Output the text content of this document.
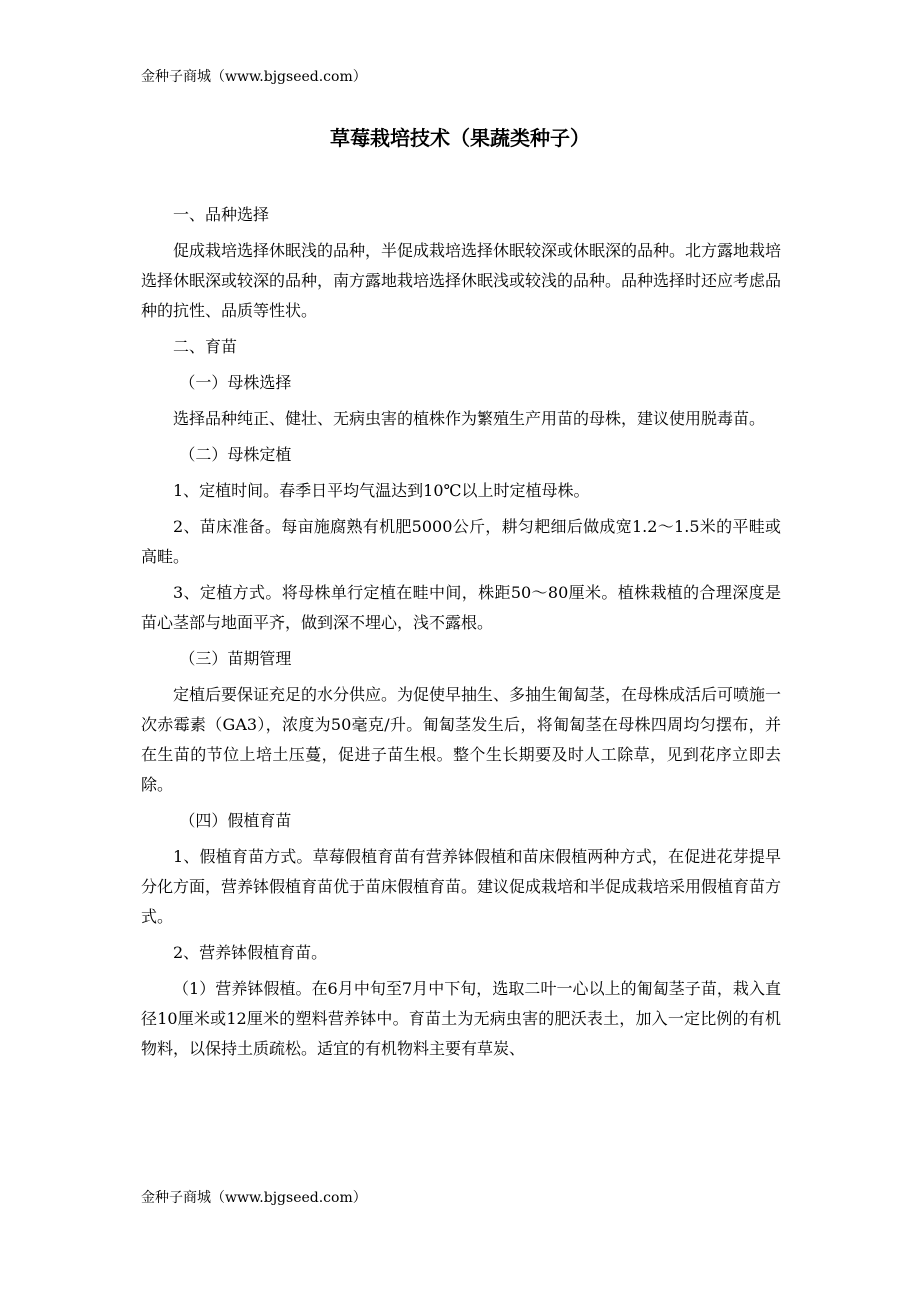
金种子商城（www.bjgseed.com）
草莓栽培技术（果蔬类种子）

一、品种选择

促成栽培选择休眠浅的品种，半促成栽培选择休眠较深或休眠深的品种。北方露地栽培选择休眠深或较深的品种，南方露地栽培选择休眠浅或较浅的品种。品种选择时还应考虑品种的抗性、品质等性状。

二、育苗

（一）母株选择

选择品种纯正、健壮、无病虫害的植株作为繁殖生产用苗的母株，建议使用脱毒苗。

（二）母株定植

1、定植时间。春季日平均气温达到10℃以上时定植母株。

2、苗床准备。每亩施腐熟有机肥5000公斤，耕匀耙细后做成宽1.2～1.5米的平畦或高畦。

3、定植方式。将母株单行定植在畦中间，株距50～80厘米。植株栽植的合理深度是苗心茎部与地面平齐，做到深不埋心，浅不露根。

（三）苗期管理

定植后要保证充足的水分供应。为促使早抽生、多抽生匍匐茎，在母株成活后可喷施一次赤霉素（GA3），浓度为50毫克/升。匍匐茎发生后，将匍匐茎在母株四周均匀摆布，并在生苗的节位上培土压蔓，促进子苗生根。整个生长期要及时人工除草，见到花序立即去除。

（四）假植育苗

1、假植育苗方式。草莓假植育苗有营养钵假植和苗床假植两种方式，在促进花芽提早分化方面，营养钵假植育苗优于苗床假植育苗。建议促成栽培和半促成栽培采用假植育苗方式。

2、营养钵假植育苗。

（1）营养钵假植。在6月中旬至7月中下旬，选取二叶一心以上的匍匐茎子苗，栽入直径10厘米或12厘米的塑料营养钵中。育苗土为无病虫害的肥沃表土，加入一定比例的有机物料，以保持土质疏松。适宜的有机物料主要有草炭、

金种子商城（www.bjgseed.com）
